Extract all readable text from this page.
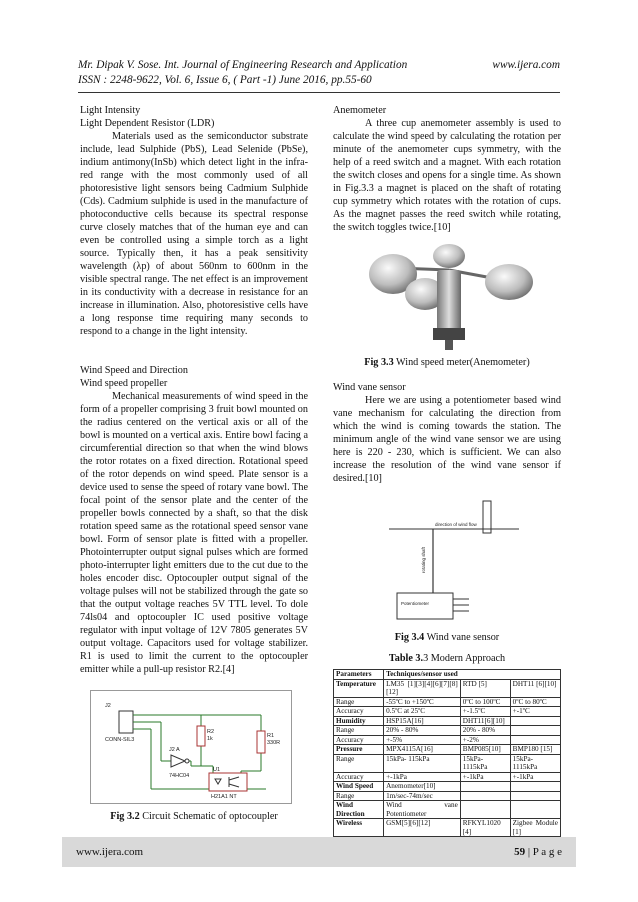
Mr. Dipak V. Sose. Int. Journal of Engineering Research and Application	www.ijera.com
ISSN : 2248-9622, Vol. 6, Issue 6, ( Part -1) June 2016, pp.55-60

Light Intensity

Light Dependent Resistor (LDR)

Materials used as the semiconductor substrate include, lead Sulphide (PbS), Lead Selenide (PbSe), indium antimony(InSb) which detect light in the infra-red range with the most commonly used of all photoresistive light sensors being Cadmium Sulphide (Cds). Cadmium sulphide is used in the manufacture of photoconductive cells because its spectral response curve closely matches that of the human eye and can even be controlled using a simple torch as a light source. Typically then, it has a peak sensitivity wavelength (λp) of about 560nm to 600nm in the visible spectral range. The net effect is an improvement in its conductivity with a decrease in resistance for an increase in illumination. Also, photoresistive cells have a long response time requiring many seconds to respond to a change in the light intensity.

Wind Speed and Direction

Wind speed propeller

Mechanical measurements of wind speed in the form of a propeller comprising 3 fruit bowl mounted on the radius centered on the vertical axis or all of the bowl is mounted on a vertical axis. Entire bowl facing a circumferential direction so that when the wind blows the rotor rotates on a fixed direction. Rotational speed of the rotor depends on wind speed. Plate sensor is a device used to sense the speed of rotary vane bowl. The focal point of the sensor plate and the center of the propeller bowls connected by a shaft, so that the disk rotation speed same as the rotational speed sensor vane bowl. Form of sensor plate is fitted with a propeller. Photointerrupter output signal pulses which are formed photo-interrupter light emitters due to the cut due to the holes encoder disc. Optocoupler output signal of the voltage pulses will not be stabilized through the gate so that the output voltage reaches 5V TTL level. To dole 74ls04 and optocoupler IC used positive voltage regulator with input voltage of 12V 7805 generates 5V output voltage. Capacitors used for voltage stabilizer. R1 is used to limit the current to the optocoupler emitter while a pull-up resistor R2.[4]

J2
CONN-SIL3
R2
1k	R1
330R
J2 A
74HC04
U1
H21A1 NT
Fig 3.2 Circuit Schematic of optocoupler

Anemometer

A three cup anemometer assembly is used to calculate the wind speed by calculating the rotation per minute of the anemometer cups symmetry, with the help of a reed switch and a magnet. With each rotation the switch closes and opens for a single time. As shown in Fig.3.3 a magnet is placed on the shaft of rotating cup symmetry which rotates with the rotation of cups. As the magnet passes the reed switch while rotating, the switch toggles twice.[10]

Fig 3.3 Wind speed meter(Anemometer)

Wind vane sensor

Here we are using a potentiometer based wind vane mechanism for calculating the direction from which the wind is coming towards the station. The minimum angle of the wind vane sensor we are using here is 220 - 230, which is sufficient. We can also increase the resolution of the wind vane sensor if desired.[10]

direction of wind flow
rotating shaft
Potentiometer
Fig 3.4 Wind vane sensor
Table 3.3 Modern Approach
Parameters	Techniques/sensor used		
Temperature	LM35 [1][3][4][6][7][8][12]	RTD [5]	DHT11 [6][10]
Range	-55ºC to +150ºC	0ºC to 100ºC	0ºC to 80ºC
Accuracy	0.5ºC at 25ºC	+-1.5ºC	+-1ºC
Humidity	HSP15A[16]	DHT11[6][10]	
Range	20% - 80%	20% - 80%	
Accuracy	+-5%	+-2%	
Pressure	MPX4115A[16]	BMP085[10]	BMP180 [15]
Range	15kPa- 115kPa	15kPa- 1115kPa	15kPa- 1115kPa
Accuracy	+-1kPa	+-1kPa	+-1kPa
Wind Speed	Anemometer[10]		
Range	1m/sec-74m/sec		
Wind Direction	Wind vane Potentiometer		
Wireless	GSM[5][6][12]	RFKYL1020 [4]	Zigbee Module [1]

www.ijera.com	59 | P a g e
